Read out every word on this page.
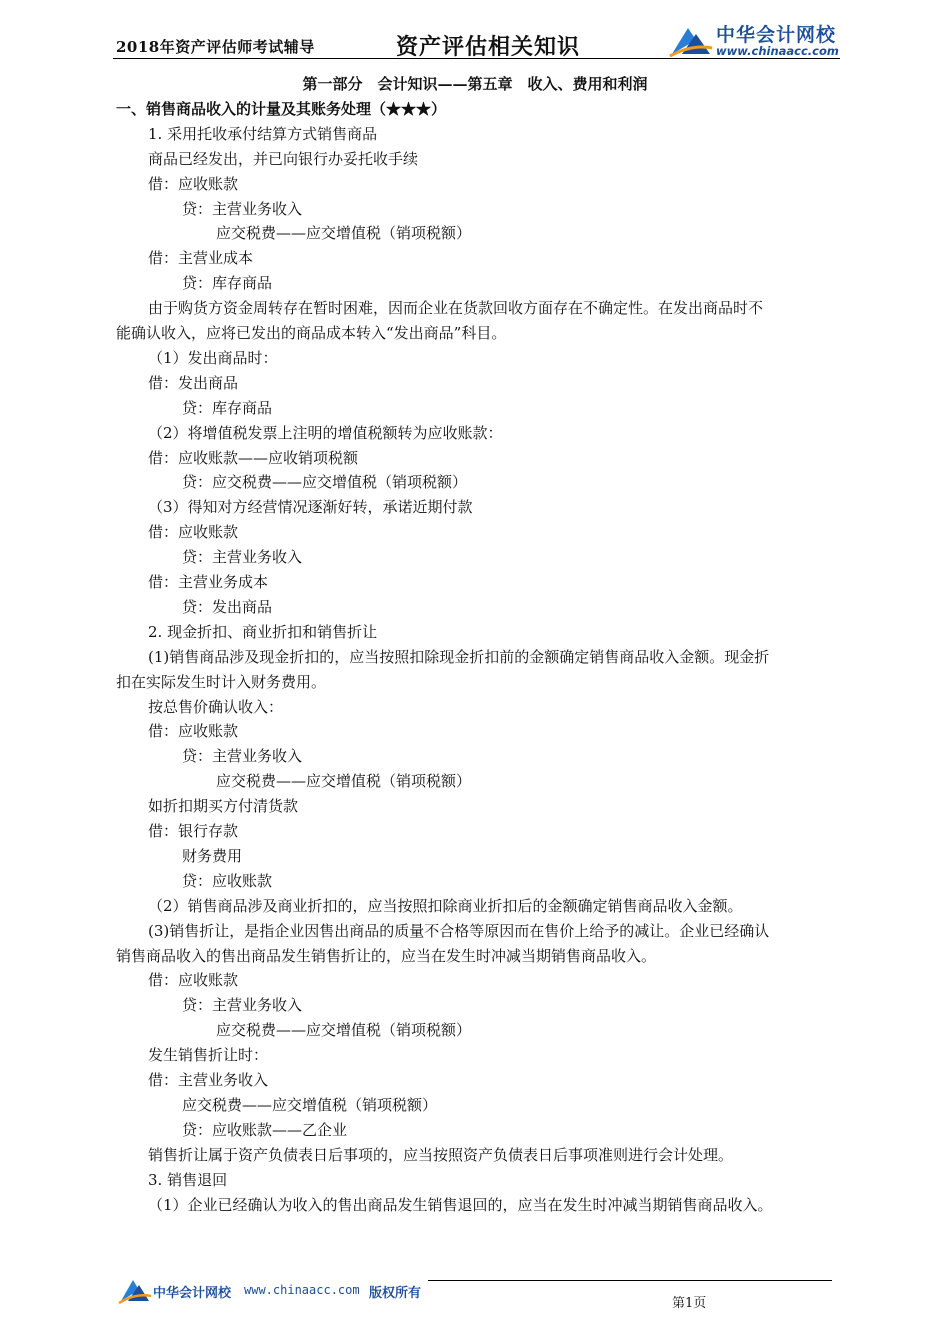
2018年资产评估师考试辅导	资产评估相关知识	中华会计网校
www.chinaacc.com
第一部分　会计知识——第五章　收入、费用和利润
一、销售商品收入的计量及其账务处理（★★★）
1. 采用托收承付结算方式销售商品
商品已经发出，并已向银行办妥托收手续
借：应收账款
贷：主营业务收入
应交税费——应交增值税（销项税额）
借：主营业成本
贷：库存商品
由于购货方资金周转存在暂时困难，因而企业在货款回收方面存在不确定性。在发出商品时不
能确认收入，应将已发出的商品成本转入“发出商品”科目。
（1）发出商品时：
借：发出商品
贷：库存商品
（2）将增值税发票上注明的增值税额转为应收账款：
借：应收账款——应收销项税额
贷：应交税费——应交增值税（销项税额）
（3）得知对方经营情况逐渐好转，承诺近期付款
借：应收账款
贷：主营业务收入
借：主营业务成本
贷：发出商品
2. 现金折扣、商业折扣和销售折让
(1)销售商品涉及现金折扣的，应当按照扣除现金折扣前的金额确定销售商品收入金额。现金折
扣在实际发生时计入财务费用。
按总售价确认收入：
借：应收账款
贷：主营业务收入
应交税费——应交增值税（销项税额）
如折扣期买方付清货款
借：银行存款
财务费用
贷：应收账款
（2）销售商品涉及商业折扣的，应当按照扣除商业折扣后的金额确定销售商品收入金额。
(3)销售折让，是指企业因售出商品的质量不合格等原因而在售价上给予的减让。企业已经确认
销售商品收入的售出商品发生销售折让的，应当在发生时冲减当期销售商品收入。
借：应收账款
贷：主营业务收入
应交税费——应交增值税（销项税额）
发生销售折让时：
借：主营业务收入
应交税费——应交增值税（销项税额）
贷：应收账款——乙企业
销售折让属于资产负债表日后事项的，应当按照资产负债表日后事项准则进行会计处理。
3. 销售退回
（1）企业已经确认为收入的售出商品发生销售退回的，应当在发生时冲减当期销售商品收入。
中华会计网校 www.chinaacc.com 版权所有
第1页
